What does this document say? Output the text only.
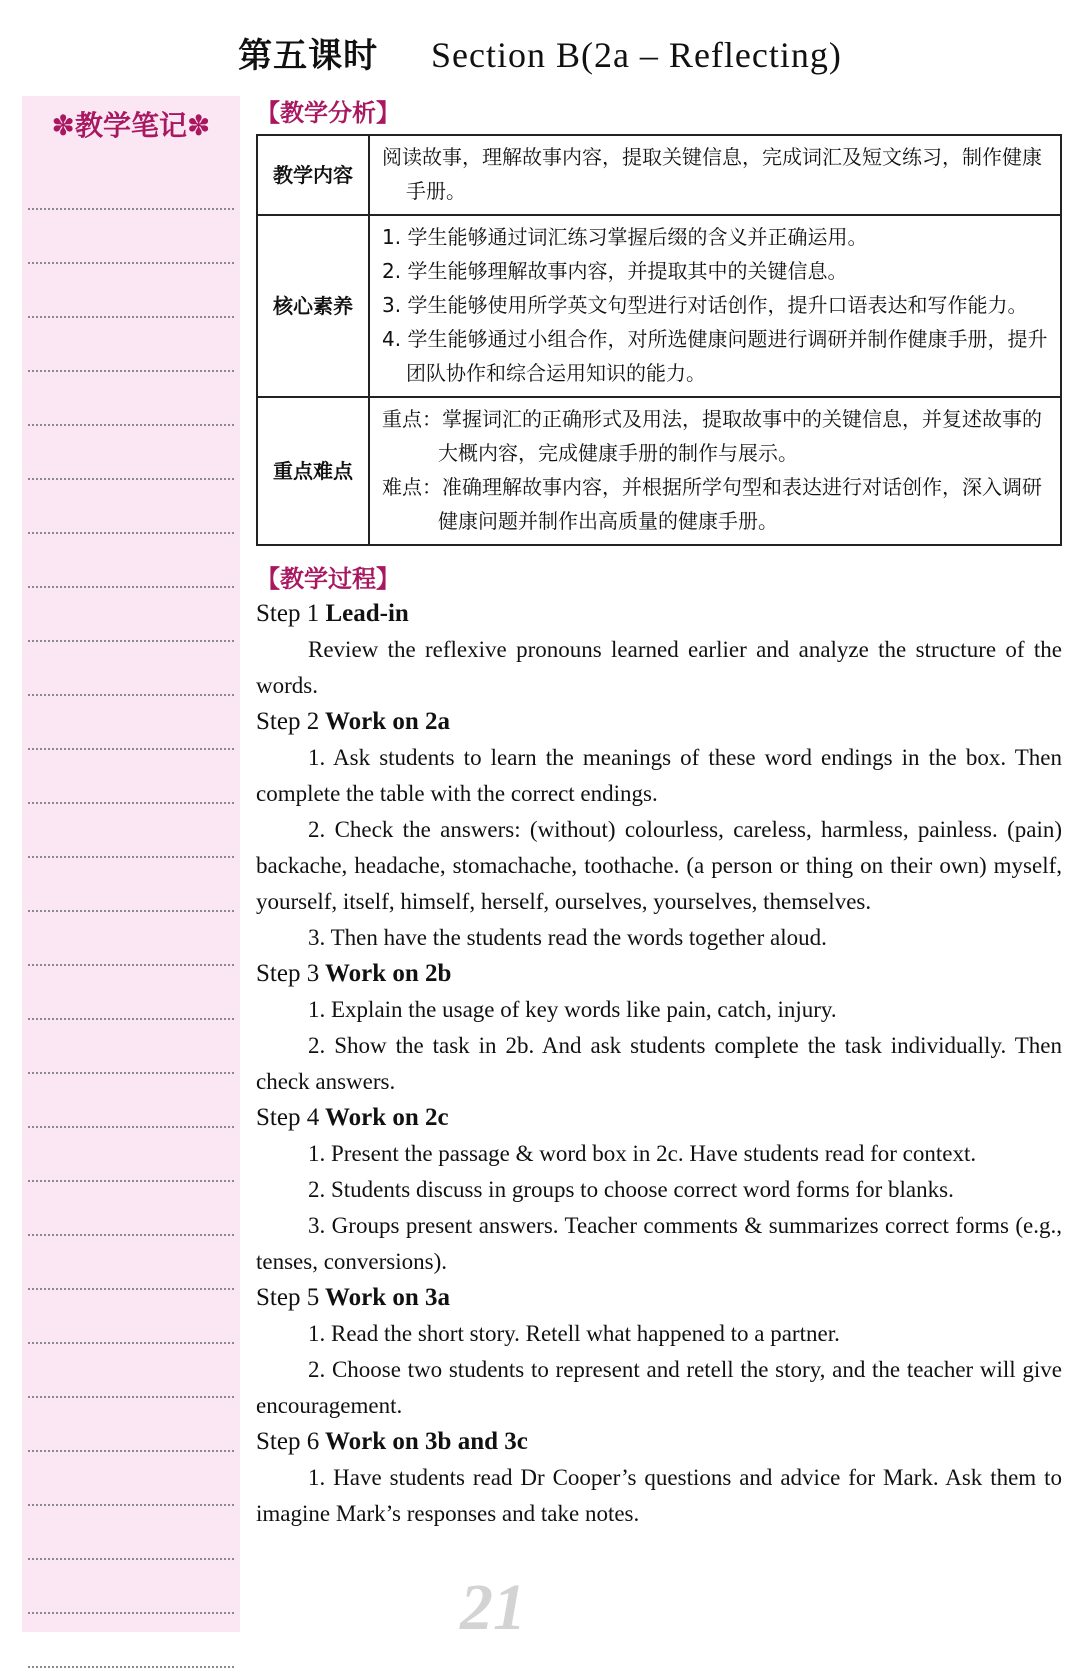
第五课时 Section B(2a – Reflecting)
✽教学笔记✽	【教学分析】
教学内容	阅读故事，理解故事内容，提取关键信息，完成词汇及短文练习，制作健康手册。

核心素养	1. 学生能够通过词汇练习掌握后缀的含义并正确运用。
2. 学生能够理解故事内容，并提取其中的关键信息。
3. 学生能够使用所学英文句型进行对话创作，提升口语表达和写作能力。
4. 学生能够通过小组合作，对所选健康问题进行调研并制作健康手册，提升团队协作和综合运用知识的能力。

重点难点	重点：掌握词汇的正确形式及用法，提取故事中的关键信息，并复述故事的大概内容，完成健康手册的制作与展示。
难点：准确理解故事内容，并根据所学句型和表达进行对话创作，深入调研健康问题并制作出高质量的健康手册。
【教学过程】
Step 1 Lead-in

Review the reflexive pronouns learned earlier and analyze the structure of the words.

Step 2 Work on 2a

1. Ask students to learn the meanings of these word endings in the box. Then complete the table with the correct endings.

2. Check the answers: (without) colourless, careless, harmless, painless. (pain) backache, headache, stomachache, toothache. (a person or thing on their own) myself, yourself, itself, himself, herself, ourselves, yourselves, themselves.

3. Then have the students read the words together aloud.

Step 3 Work on 2b

1. Explain the usage of key words like pain, catch, injury.

2. Show the task in 2b. And ask students complete the task individually. Then check answers.

Step 4 Work on 2c

1. Present the passage & word box in 2c. Have students read for context.

2. Students discuss in groups to choose correct word forms for blanks.

3. Groups present answers. Teacher comments & summarizes correct forms (e.g., tenses, conversions).

Step 5 Work on 3a

1. Read the short story. Retell what happened to a partner.

2. Choose two students to represent and retell the story, and the teacher will give encouragement.

Step 6 Work on 3b and 3c

1. Have students read Dr Cooper’s questions and advice for Mark. Ask them to imagine Mark’s responses and take notes.

21
